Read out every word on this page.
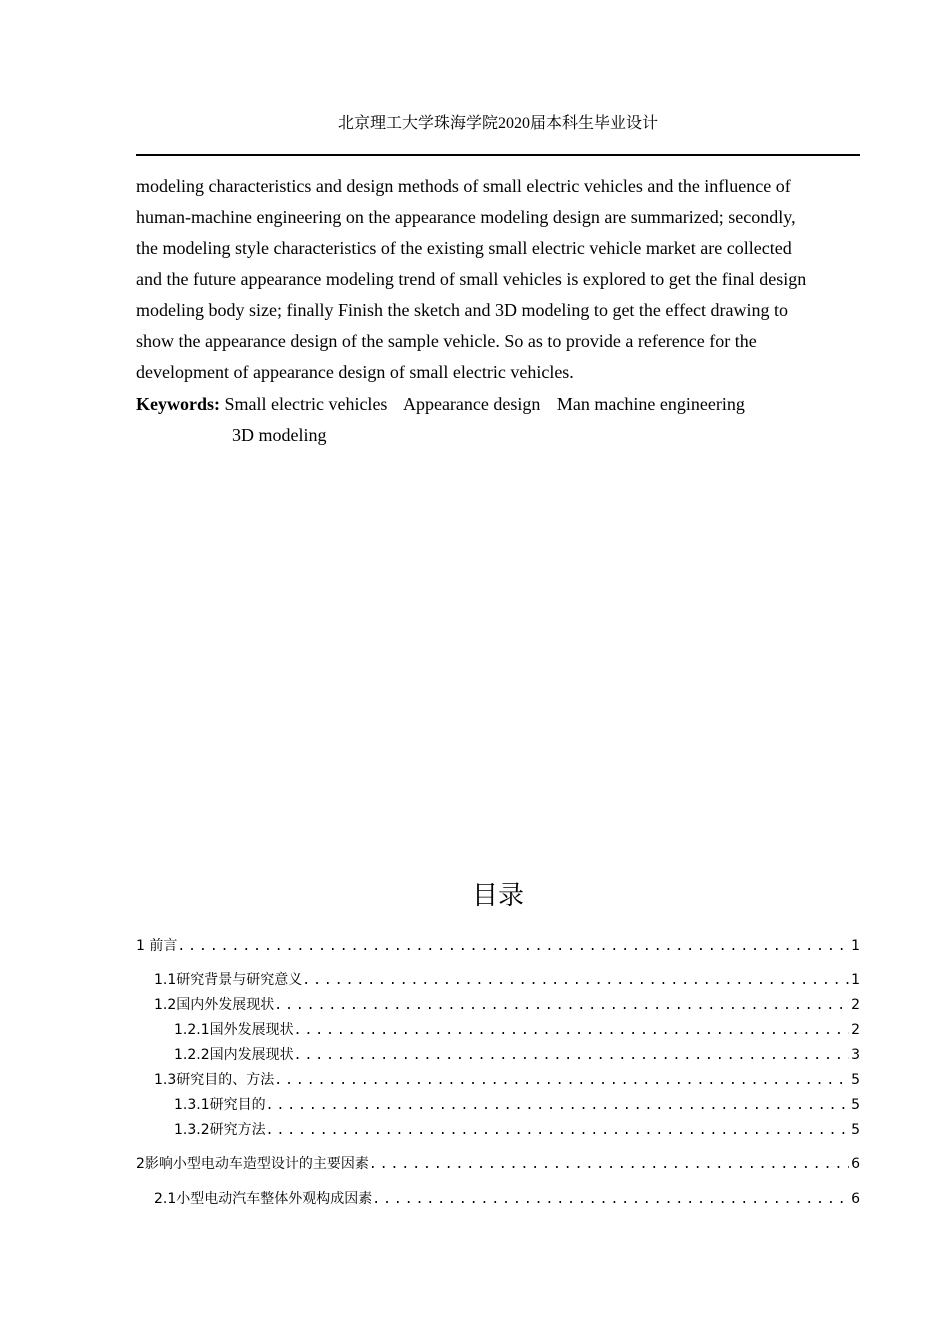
北京理工大学珠海学院2020届本科生毕业设计
modeling characteristics and design methods of small electric vehicles and the influence of
human-machine engineering on the appearance modeling design are summarized; secondly,
the modeling style characteristics of the existing small electric vehicle market are collected
and the future appearance modeling trend of small vehicles is explored to get the final design
modeling body size; finally Finish the sketch and 3D modeling to get the effect drawing to
show the appearance design of the sample vehicle. So as to provide a reference for the
development of appearance design of small electric vehicles.
Keywords: Small electric vehicles Appearance design Man machine engineering
3D modeling
目录
1 前言 .....	1
1.1研究背景与研究意义 .....	1
1.2国内外发展现状 .....	2
1.2.1国外发展现状 .....	2
1.2.2国内发展现状 .....	3
1.3研究目的、方法 .....	5
1.3.1研究目的 .....	5
1.3.2研究方法 .....	5
2影响小型电动车造型设计的主要因素 .....	6
2.1小型电动汽车整体外观构成因素 .....	6
